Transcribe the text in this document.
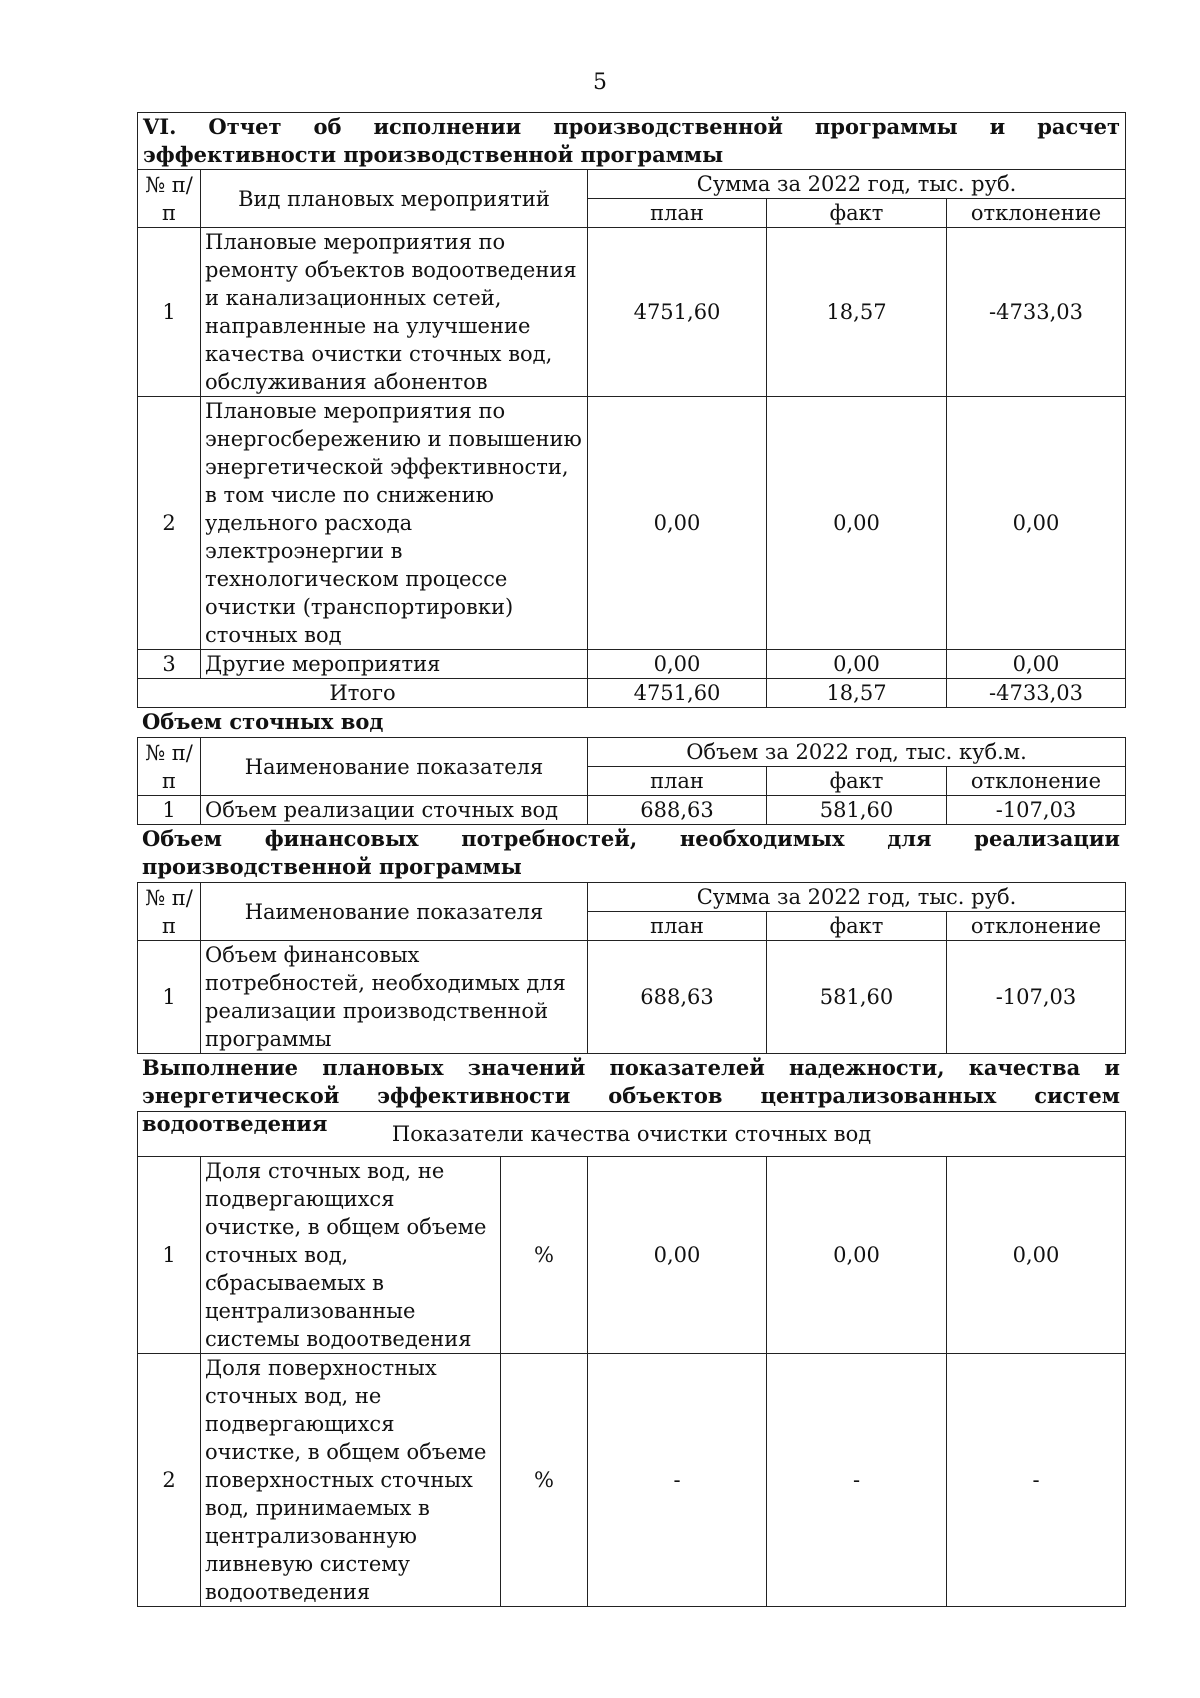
5
VI. Отчет об исполнении производственной программы и расчет эффективности производственной программы				
№ п/п	Вид плановых мероприятий	Сумма за 2022 год, тыс. руб.		
		план	факт	отклонение
1	Плановые мероприятия по ремонту объектов водоотведения и канализационных сетей, направленные на улучшение качества очистки сточных вод, обслуживания абонентов	4751,60	18,57	-4733,03
2	Плановые мероприятия по энергосбережению и повышению энергетической эффективности, в том числе по снижению удельного расхода электроэнергии в технологическом процессе очистки (транспортировки) сточных вод	0,00	0,00	0,00
3	Другие мероприятия	0,00	0,00	0,00
Итого		4751,60	18,57	-4733,03
Объем сточных вод
№ п/п	Наименование показателя	Объем за 2022 год, тыс. куб.м.		
		план	факт	отклонение
1	Объем реализации сточных вод	688,63	581,60	-107,03
Объем финансовых потребностей, необходимых для реализации производственной программы
№ п/п	Наименование показателя	Сумма за 2022 год, тыс. руб.		
		план	факт	отклонение
1	Объем финансовых потребностей, необходимых для реализации производственной программы	688,63	581,60	-107,03
Выполнение плановых значений показателей надежности, качества и энергетической эффективности объектов централизованных систем водоотведения	Показатели качества очистки сточных вод					
1	Доля сточных вод, не подвергающихся очистке, в общем объеме сточных вод, сбрасываемых в централизованные системы водоотведения	%	0,00	0,00	0,00
2	Доля поверхностных сточных вод, не подвергающихся очистке, в общем объеме поверхностных сточных вод, принимаемых в централизованную ливневую систему водоотведения	%	-	-	-
